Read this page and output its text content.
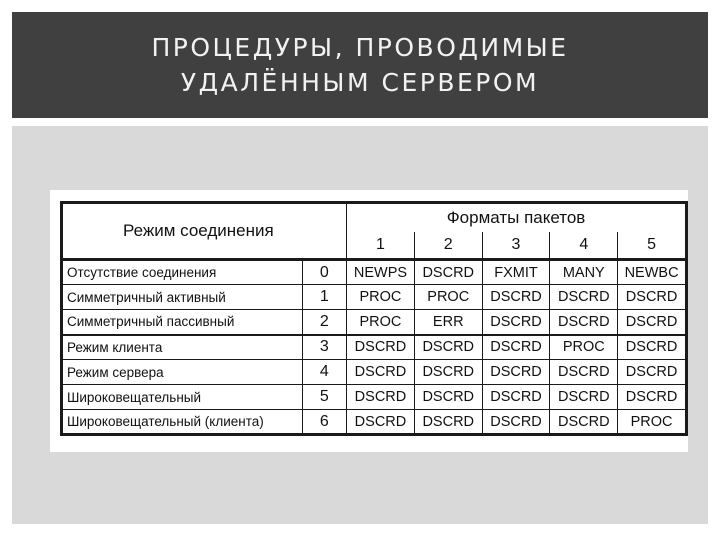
ПРОЦЕДУРЫ, ПРОВОДИМЫЕ
УДАЛЁННЫМ СЕРВЕРОМ
Режим соединения		Форматы пакетов				
		1	2	3	4	5
Отсутствие соединения	0	NEWPS	DSCRD	FXMIT	MANY	NEWBC
Симметричный активный	1	PROC	PROC	DSCRD	DSCRD	DSCRD
Симметричный пассивный	2	PROC	ERR	DSCRD	DSCRD	DSCRD
Режим клиента	3	DSCRD	DSCRD	DSCRD	PROC	DSCRD
Режим сервера	4	DSCRD	DSCRD	DSCRD	DSCRD	DSCRD
Широковещательный	5	DSCRD	DSCRD	DSCRD	DSCRD	DSCRD
Широковещательный (клиента)	6	DSCRD	DSCRD	DSCRD	DSCRD	PROC
